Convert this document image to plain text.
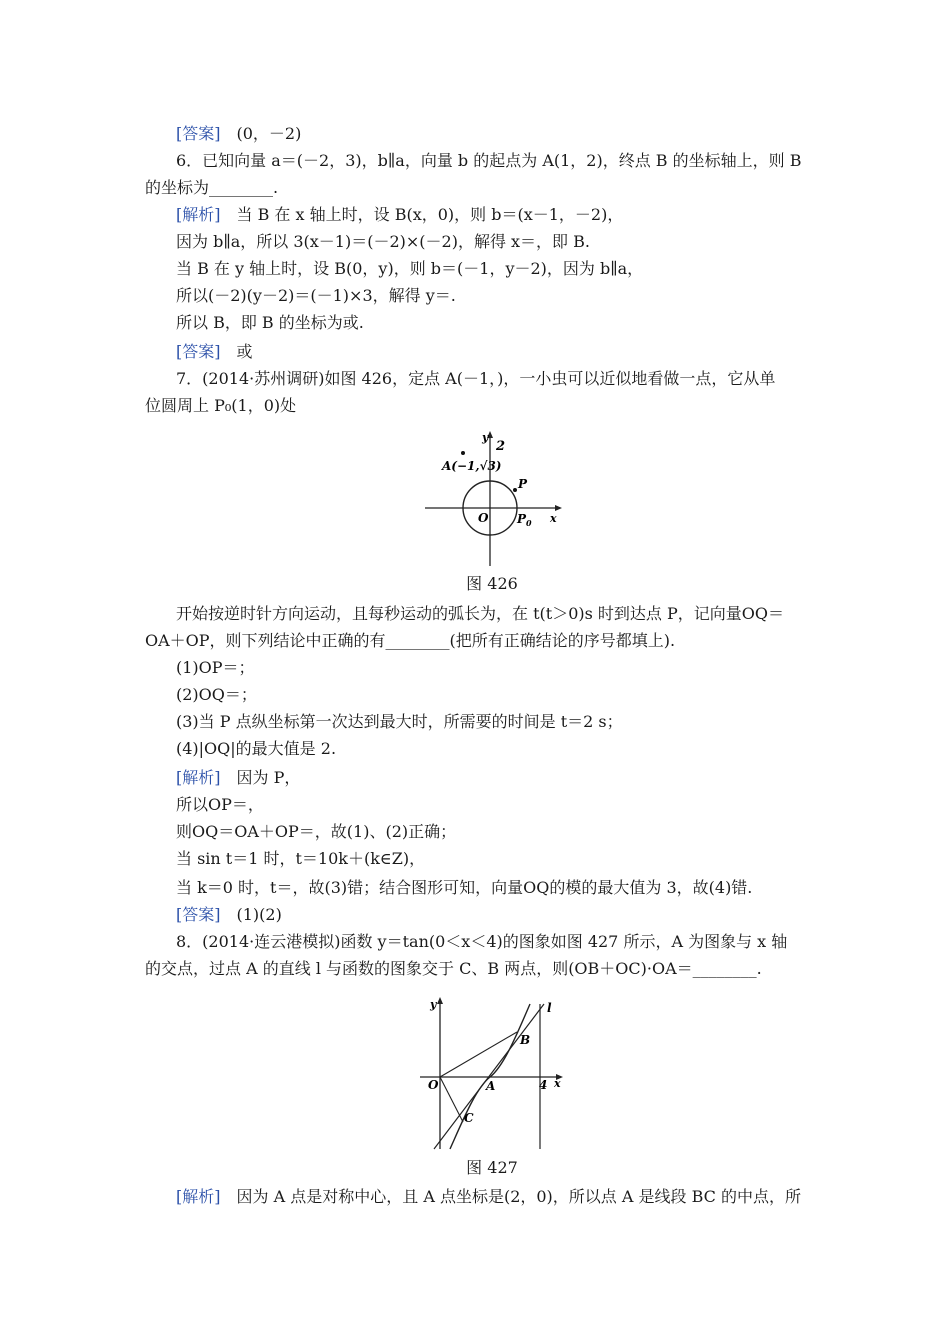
[答案]　(0，－2)
6．已知向量 a＝(－2，3)，b∥a，向量 b 的起点为 A(1，2)，终点 B 的坐标轴上，则 B
的坐标为________.
[解析]　当 B 在 x 轴上时，设 B(x，0)，则 b＝(x－1，－2)，
因为 b∥a，所以 3(x－1)＝(－2)×(－2)，解得 x＝，即 B.
当 B 在 y 轴上时，设 B(0，y)，则 b＝(－1，y－2)，因为 b∥a，
所以(－2)(y－2)＝(－1)×3，解得 y＝.
所以 B，即 B 的坐标为或.
[答案]　或
7．(2014·苏州调研)如图 426，定点 A(－1，)，一小虫可以近似地看做一点，它从单
位圆周上 P₀(1，0)处
y
2
A(−1,√3)
P
O P 0 x
图 426
开始按逆时针方向运动，且每秒运动的弧长为，在 t(t＞0)s 时到达点 P，记向量OQ＝
OA＋OP，则下列结论中正确的有________(把所有正确结论的序号都填上).
(1)OP＝；
(2)OQ＝；
(3)当 P 点纵坐标第一次达到最大时，所需要的时间是 t＝2 s；
(4)|OQ|的最大值是 2.
[解析]　因为 P，
所以OP＝，
则OQ＝OA＋OP＝，故(1)、(2)正确；
当 sin t＝1 时，t＝10k＋(k∈Z)，
当 k＝0 时，t＝，故(3)错；结合图形可知，向量OQ的模的最大值为 3，故(4)错.
[答案]　(1)(2)
8．(2014·连云港模拟)函数 y＝tan(0＜x＜4)的图象如图 427 所示，A 为图象与 x 轴
的交点，过点 A 的直线 l 与函数的图象交于 C、B 两点，则(OB＋OC)·OA＝________.
y	l
B
O	A	4 x
C
图 427
[解析]　因为 A 点是对称中心，且 A 点坐标是(2，0)，所以点 A 是线段 BC 的中点，所
